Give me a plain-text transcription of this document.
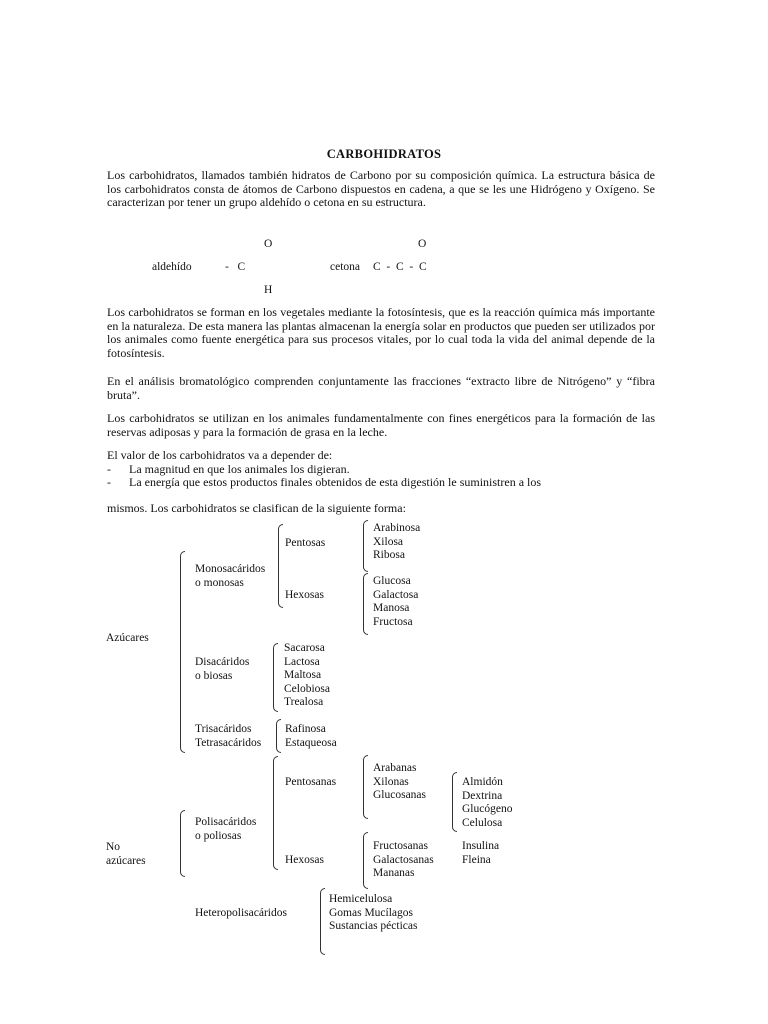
CARBOHIDRATOS
Los carbohidratos, llamados también hidratos de Carbono por su composición química. La estructura básica de los carbohidratos consta de átomos de Carbono dispuestos en cadena, a que se les une Hidrógeno y Oxígeno. Se caracterizan por tener un grupo aldehído o cetona en su estructura.
O
aldehído	-   C
H
O
cetona C  -  C  -  C
Los carbohidratos se forman en los vegetales mediante la fotosíntesis, que es la reacción química más importante en la naturaleza. De esta manera las plantas almacenan la energía solar en productos que pueden ser utilizados por los animales como fuente energética para sus procesos vitales, por lo cual toda la vida del animal depende de la fotosíntesis.
En el análisis bromatológico comprenden conjuntamente las fracciones “extracto libre de Nitrógeno” y “fibra bruta”.
Los carbohidratos se utilizan en los animales fundamentalmente con fines energéticos para la formación de las reservas adiposas y para la formación de grasa en la leche.
El valor de los carbohidratos va a depender de:
- La magnitud en que los animales los digieran.
- La energía que estos productos finales obtenidos de esta digestión le suministren a los
mismos. Los carbohidratos se clasifican de la siguiente forma:
Azúcares
No
azúcares
Monosacáridos
o monosas
Pentosas
Hexosas
Arabinosa
Xilosa
Ribosa
Glucosa
Galactosa
Manosa
Fructosa
Disacáridos
o biosas
Sacarosa
Lactosa
Maltosa
Celobiosa
Trealosa
Trisacáridos
Tetrasacáridos
Rafinosa
Estaqueosa
Polisacáridos
o poliosas
Pentosanas
Hexosas
Arabanas
Xilonas
Glucosanas
Almidón
Dextrina
Glucógeno
Celulosa
Fructosanas
Galactosanas
Mananas
Insulina
Fleina
Heteropolisacáridos
Hemicelulosa
Gomas Mucílagos
Sustancias pécticas
